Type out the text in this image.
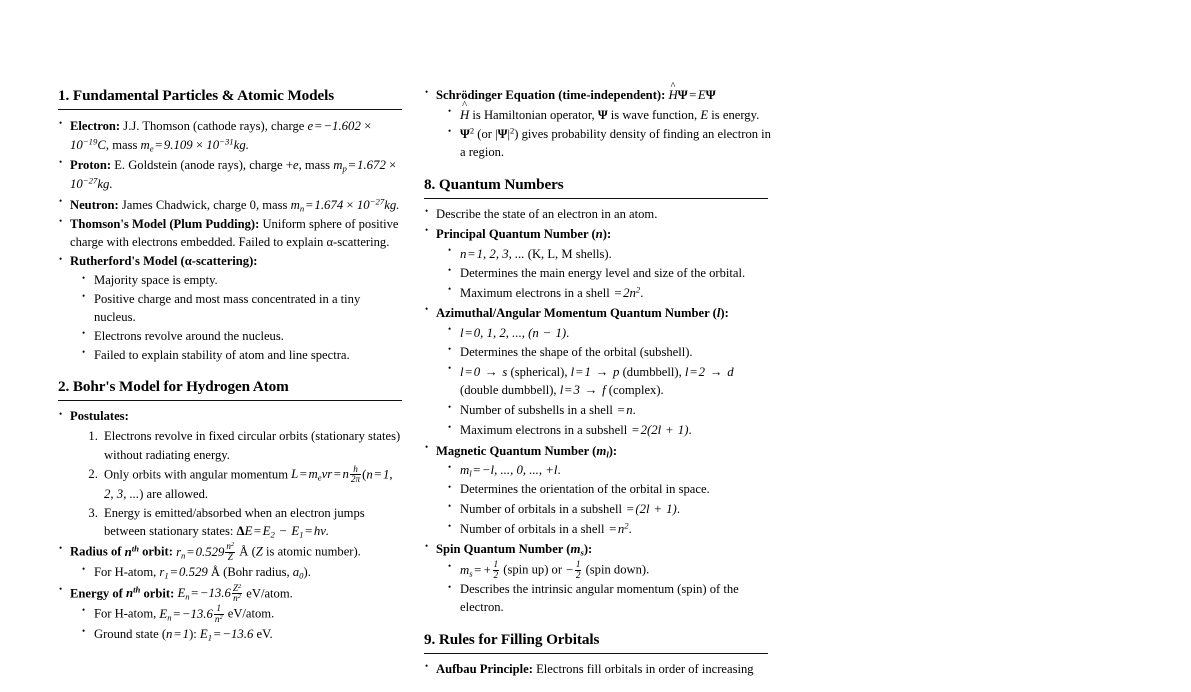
1. Fundamental Particles & Atomic Models
• Electron: J.J. Thomson (cathode rays), charge $e = -1.602 \times 10^{-19}C$, mass $m_e = 9.109 \times 10^{-31}kg$.
• Proton: E. Goldstein (anode rays), charge +e, mass $m_p = 1.672 \times 10^{-27}kg$.
• Neutron: James Chadwick, charge 0, mass $m_n = 1.674 \times 10^{-27}kg$.
• Thomson's Model (Plum Pudding): Uniform sphere of positive charge with electrons embedded. Failed to explain α-scattering.
• Rutherford's Model (α-scattering):
• Majority space is empty.
• Positive charge and most mass concentrated in a tiny nucleus.
• Electrons revolve around the nucleus.
• Failed to explain stability of atom and line spectra.
2. Bohr's Model for Hydrogen Atom
• Postulates:
1. Electrons revolve in fixed circular orbits (stationary states) without radiating energy.
2. Only orbits with angular momentum $L = m_evr = n \frac{h}{2\pi} (n = 1$, 2, 3, ...) are allowed.
3. Energy is emitted/absorbed when an electron jumps between stationary states: $\Delta E = E_2 - E_1 = h\nu$.
• Radius of $n^{th}$ orbit: $r_n = 0.529 \frac{n^2}{Z}$ Å (Z is atomic number).
• For H-atom, $r_1 = 0.529$ Å (Bohr radius, $a_0$).
• Energy of $n^{th}$ orbit: $E_n = -13.6 \frac{Z^2}{n^2}$ eV/atom.
• For H-atom, $E_n = -13.6 \frac{1}{n^2}$ eV/atom.
• Ground state (n = 1): $E_1 = -13.6$ eV.
• Schrödinger Equation (time-independent): H ^Ψ = EΨ
• H ^ is Hamiltonian operator, Ψ is wave function, E is energy.
• $\Psi^2$ (or $|\Psi|^2$) gives probability density of finding an electron in a region.
8. Quantum Numbers
• Describe the state of an electron in an atom.
• Principal Quantum Number (n):
• n = 1, 2, 3, ... (K, L, M shells).
• Determines the main energy level and size of the orbital.
• Maximum electrons in a shell = $2n^2$.
• Azimuthal/Angular Momentum Quantum Number (l):
• l = 0, 1, 2, ..., (n − 1).
• Determines the shape of the orbital (subshell).
• l = 0 → s (spherical), l = 1 → p (dumbbell), l = 2 → d (double dumbbell), l = 3 → f (complex).
• Number of subshells in a shell = n.
• Maximum electrons in a subshell = 2(2l + 1).
• Magnetic Quantum Number $(m_l)$:
• $m_l = -l$, ..., 0, ..., +l.
• Determines the orientation of the orbital in space.
• Number of orbitals in a subshell = (2l + 1).
• Number of orbitals in a shell = $n^2$.
• Spin Quantum Number $(m_s)$:
• $m_s$ = + $\frac{1}{2}$ (spin up) or − $\frac{1}{2}$ (spin down).
• Describes the intrinsic angular momentum (spin) of the electron.
9. Rules for Filling Orbitals
• Aufbau Principle: Electrons fill orbitals in order of increasing
